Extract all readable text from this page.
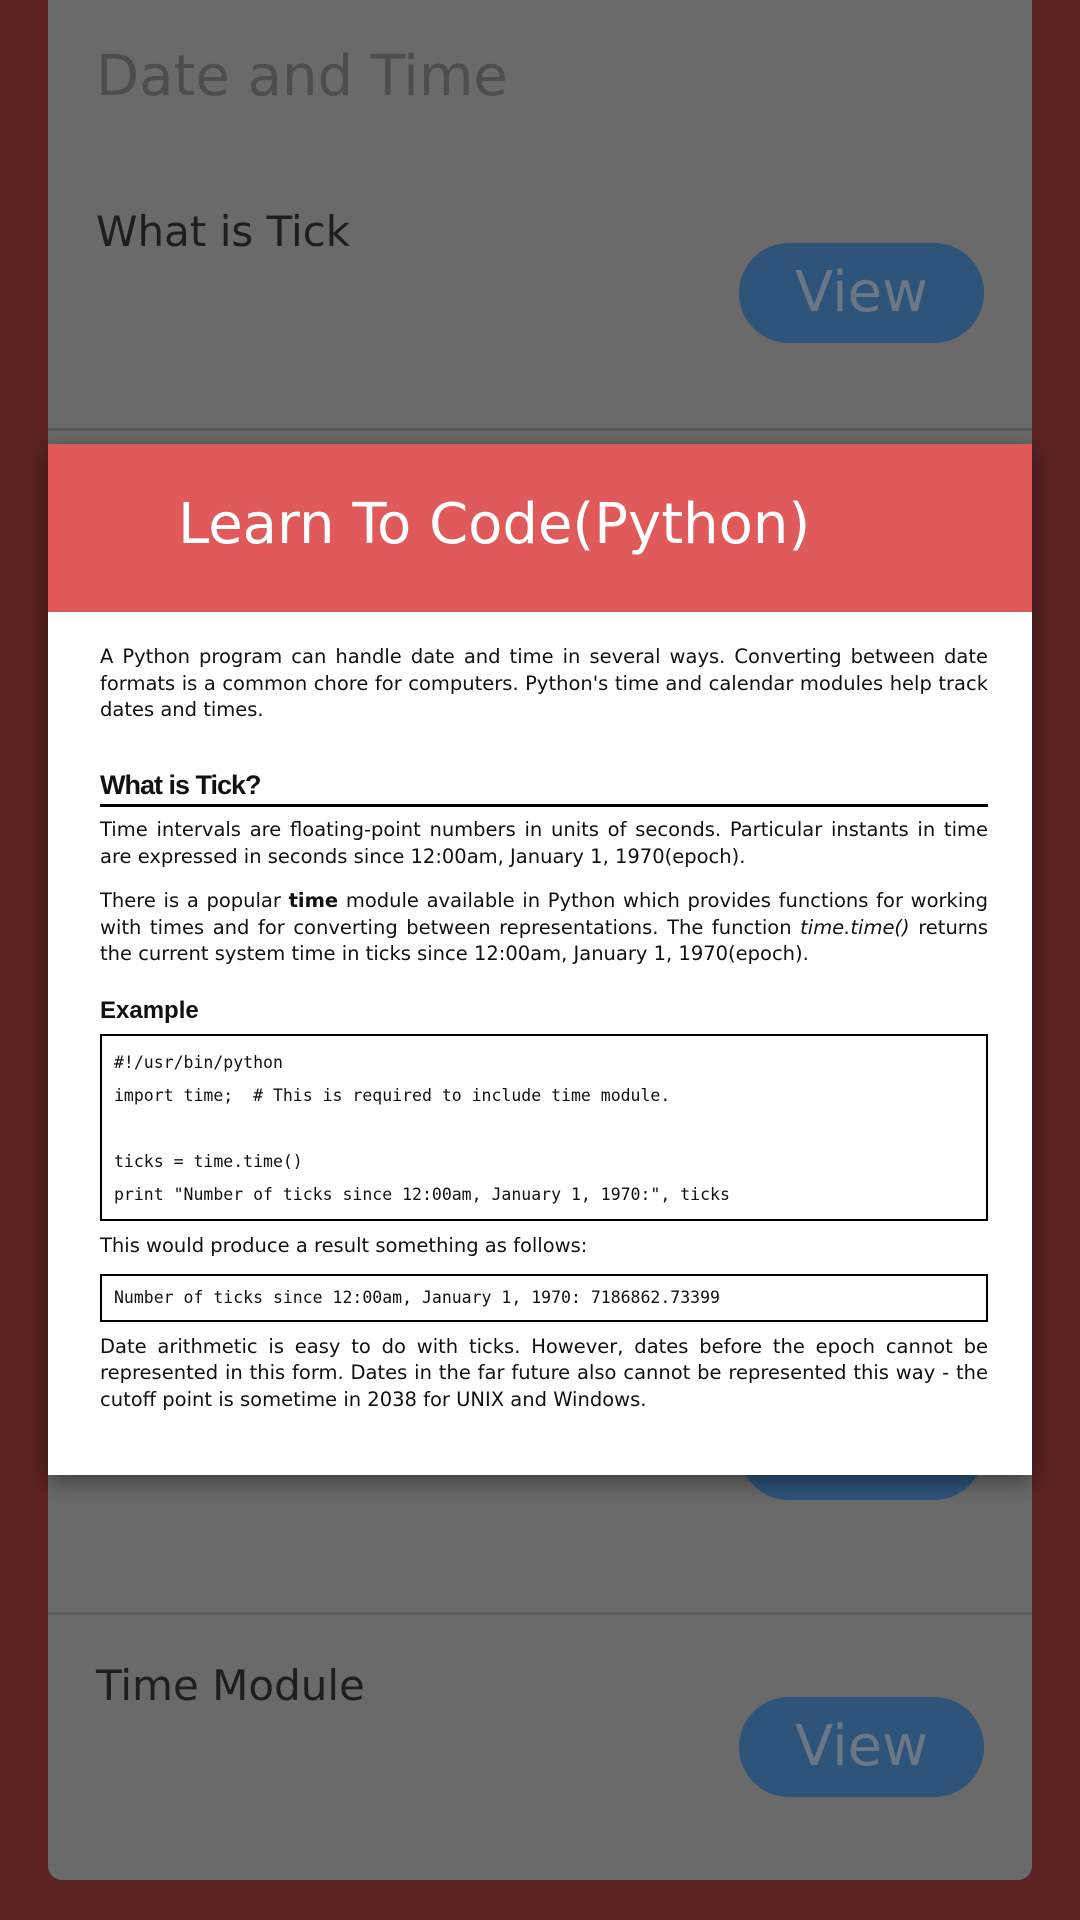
Date and Time
What is Tick
View
Time Module
View
Learn To Code(Python)

A Python program can handle date and time in several ways. Converting between date formats is a common chore for computers. Python's time and calendar modules help track dates and times.

What is Tick?

Time intervals are floating-point numbers in units of seconds. Particular instants in time are expressed in seconds since 12:00am, January 1, 1970(epoch).

There is a popular time module available in Python which provides functions for working with times and for converting between representations. The function time.time() returns the current system time in ticks since 12:00am, January 1, 1970(epoch).

Example
#!/usr/bin/python
import time;  # This is required to include time module.
ticks = time.time()
print "Number of ticks since 12:00am, January 1, 1970:", ticks

This would produce a result something as follows:

Number of ticks since 12:00am, January 1, 1970: 7186862.73399

Date arithmetic is easy to do with ticks. However, dates before the epoch cannot be represented in this form. Dates in the far future also cannot be represented this way - the cutoff point is sometime in 2038 for UNIX and Windows.
